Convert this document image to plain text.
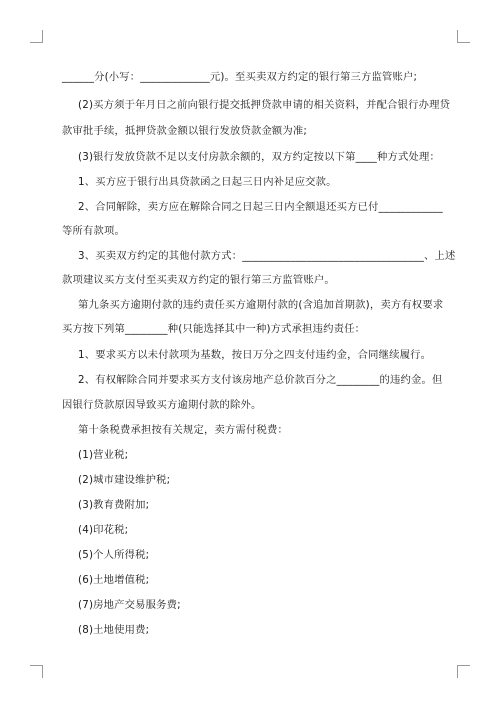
______分(小写：_____________元)。至买卖双方约定的银行第三方监管账户;
(2)买方须于年月日之前向银行提交抵押贷款申请的相关资料，并配合银行办理贷
款审批手续，抵押贷款金额以银行发放贷款金额为准;
(3)银行发放贷款不足以支付房款余额的，双方约定按以下第____种方式处理：
1、买方应于银行出具贷款函之日起三日内补足应交款。
2、合同解除，卖方应在解除合同之日起三日内全额退还买方已付____________
等所有款项。
3、买卖双方约定的其他付款方式：__________________________________、上述
款项建议买方支付至买卖双方约定的银行第三方监管账户。
第九条买方逾期付款的违约责任买方逾期付款的(含追加首期款)，卖方有权要求
买方按下列第________种(只能选择其中一种)方式承担违约责任：
1、要求买方以未付款项为基数，按日万分之四支付违约金，合同继续履行。
2、有权解除合同并要求买方支付该房地产总价款百分之________的违约金。但
因银行贷款原因导致买方逾期付款的除外。
第十条税费承担按有关规定，卖方需付税费：
(1)营业税;
(2)城市建设维护税;
(3)教育费附加;
(4)印花税;
(5)个人所得税;
(6)土地增值税;
(7)房地产交易服务费;
(8)土地使用费;
